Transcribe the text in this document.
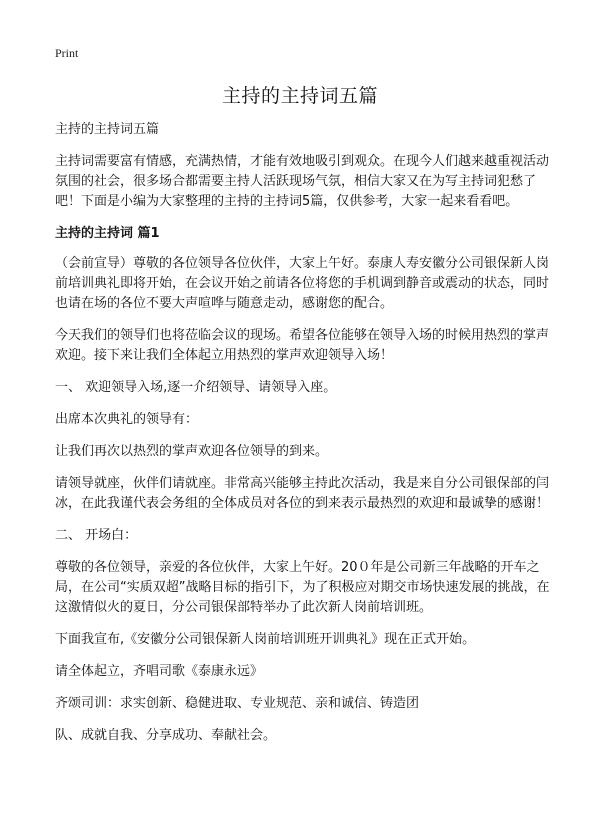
Print
主持的主持词五篇

主持的主持词五篇

主持词需要富有情感，充满热情，才能有效地吸引到观众。在现今人们越来越重视活动氛围的社会，很多场合都需要主持人活跃现场气氛，相信大家又在为写主持词犯愁了吧！下面是小编为大家整理的主持的主持词5篇，仅供参考，大家一起来看看吧。

主持的主持词 篇1

（会前宣导）尊敬的各位领导各位伙伴，大家上午好。泰康人寿安徽分公司银保新人岗前培训典礼即将开始，在会议开始之前请各位将您的手机调到静音或震动的状态，同时也请在场的各位不要大声喧哗与随意走动，感谢您的配合。

今天我们的领导们也将莅临会议的现场。希望各位能够在领导入场的时候用热烈的掌声欢迎。接下来让我们全体起立用热烈的掌声欢迎领导入场！

一、 欢迎领导入场,逐一介绍领导、请领导入座。

出席本次典礼的领导有：

让我们再次以热烈的掌声欢迎各位领导的到来。

请领导就座，伙伴们请就座。非常高兴能够主持此次活动，我是来自分公司银保部的闫冰，在此我谨代表会务组的全体成员对各位的到来表示最热烈的欢迎和最诚挚的感谢！

二、 开场白：

尊敬的各位领导，亲爱的各位伙伴，大家上午好。20０年是公司新三年战略的开车之局，在公司“实质双超”战略目标的指引下，为了积极应对期交市场快速发展的挑战，在这激情似火的夏日，分公司银保部特举办了此次新人岗前培训班。

下面我宣布,《安徽分公司银保新人岗前培训班开训典礼》现在正式开始。

请全体起立，齐唱司歌《泰康永远》

齐颂司训：求实创新、稳健进取、专业规范、亲和诚信、铸造团

队、成就自我、分享成功、奉献社会。
